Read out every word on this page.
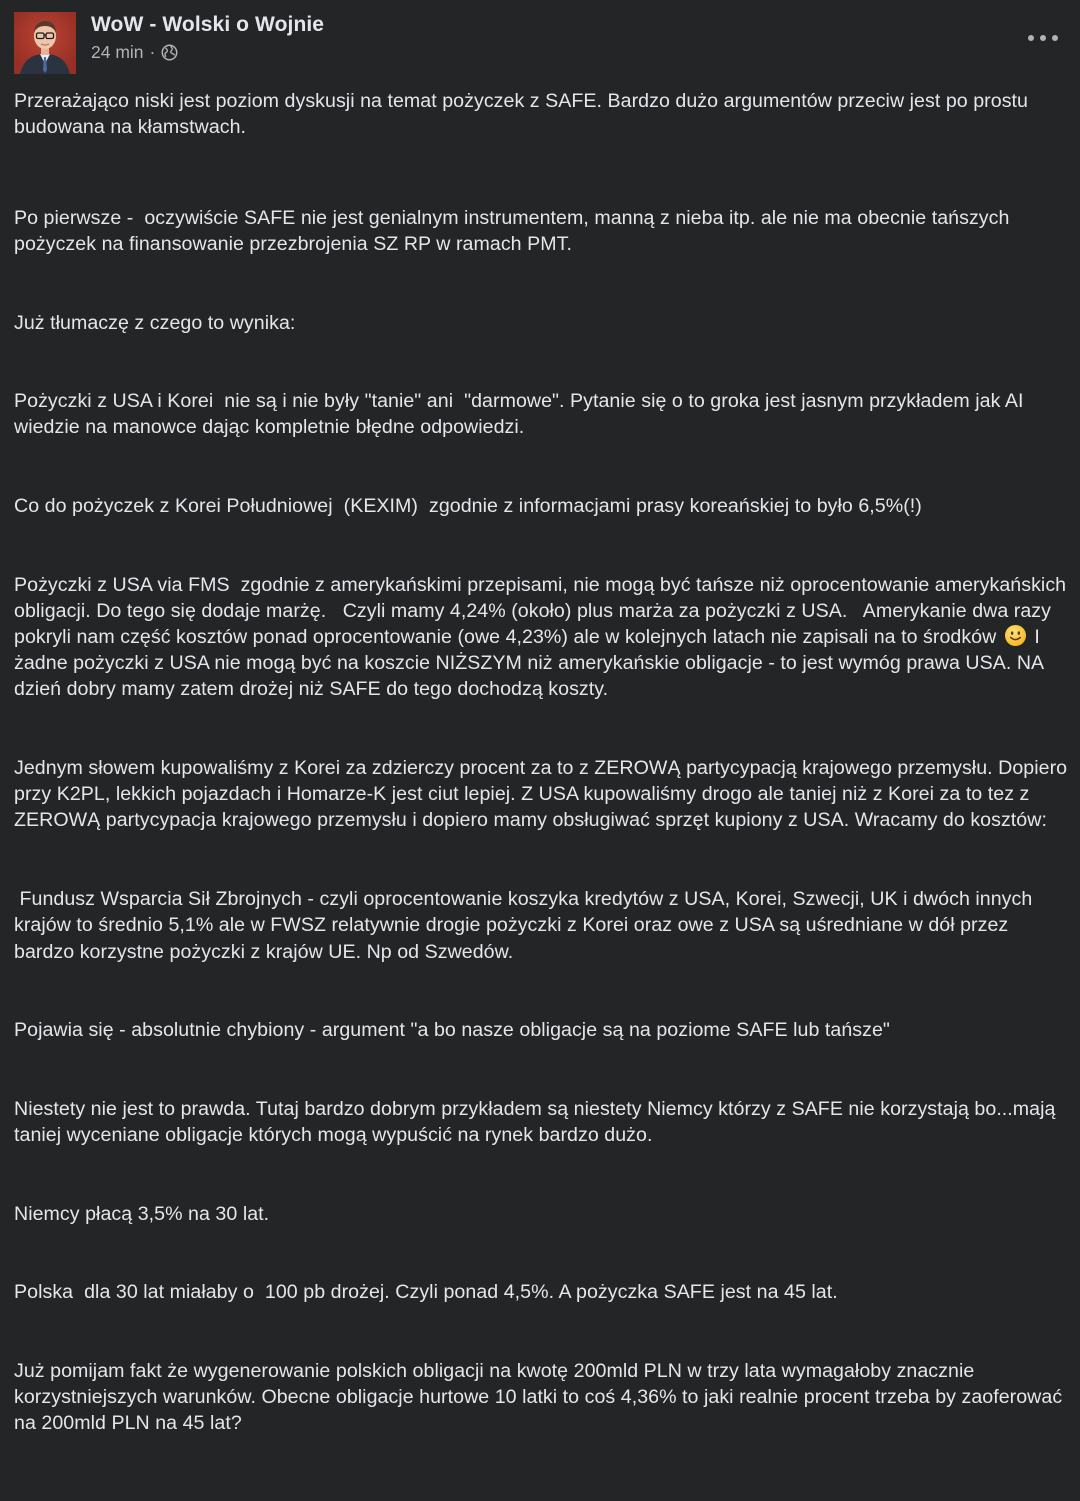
WoW - Wolski o Wojnie
24 min ·
Przerażająco niski jest poziom dyskusji na temat pożyczek z SAFE. Bardzo dużo argumentów przeciw jest po prostu budowana na kłamstwach.

Po pierwsze -  oczywiście SAFE nie jest genialnym instrumentem, manną z nieba itp. ale nie ma obecnie tańszych pożyczek na finansowanie przezbrojenia SZ RP w ramach PMT.

Już tłumaczę z czego to wynika:

Pożyczki z USA i Korei  nie są i nie były "tanie" ani  "darmowe". Pytanie się o to groka jest jasnym przykładem jak AI wiedzie na manowce dając kompletnie błędne odpowiedzi.

Co do pożyczek z Korei Południowej  (KEXIM)  zgodnie z informacjami prasy koreańskiej to było 6,5%(!)

Pożyczki z USA via FMS  zgodnie z amerykańskimi przepisami, nie mogą być tańsze niż oprocentowanie amerykańskich obligacji. Do tego się dodaje marżę.   Czyli mamy 4,24% (około) plus marża za pożyczki z USA.   Amerykanie dwa razy pokryli nam część kosztów ponad oprocentowanie (owe 4,23%) ale w kolejnych latach nie zapisali na to środków  I żadne pożyczki z USA nie mogą być na koszcie NIŻSZYM niż amerykańskie obligacje - to jest wymóg prawa USA. NA dzień dobry mamy zatem drożej niż SAFE do tego dochodzą koszty.

Jednym słowem kupowaliśmy z Korei za zdzierczy procent za to z ZEROWĄ partycypacją krajowego przemysłu. Dopiero przy K2PL, lekkich pojazdach i Homarze-K jest ciut lepiej. Z USA kupowaliśmy drogo ale taniej niż z Korei za to tez z ZEROWĄ partycypacja krajowego przemysłu i dopiero mamy obsługiwać sprzęt kupiony z USA. Wracamy do kosztów:

Fundusz Wsparcia Sił Zbrojnych - czyli oprocentowanie koszyka kredytów z USA, Korei, Szwecji, UK i dwóch innych krajów to średnio 5,1% ale w FWSZ relatywnie drogie pożyczki z Korei oraz owe z USA są uśredniane w dół przez bardzo korzystne pożyczki z krajów UE. Np od Szwedów.

Pojawia się - absolutnie chybiony - argument "a bo nasze obligacje są na poziome SAFE lub tańsze"

Niestety nie jest to prawda. Tutaj bardzo dobrym przykładem są niestety Niemcy którzy z SAFE nie korzystają bo...mają taniej wyceniane obligacje których mogą wypuścić na rynek bardzo dużo.

Niemcy płacą 3,5% na 30 lat.

Polska  dla 30 lat miałaby o  100 pb drożej. Czyli ponad 4,5%. A pożyczka SAFE jest na 45 lat.

Już pomijam fakt że wygenerowanie polskich obligacji na kwotę 200mld PLN w trzy lata wymagałoby znacznie korzystniejszych warunków. Obecne obligacje hurtowe 10 latki to coś 4,36% to jaki realnie procent trzeba by zaoferować na 200mld PLN na 45 lat?
